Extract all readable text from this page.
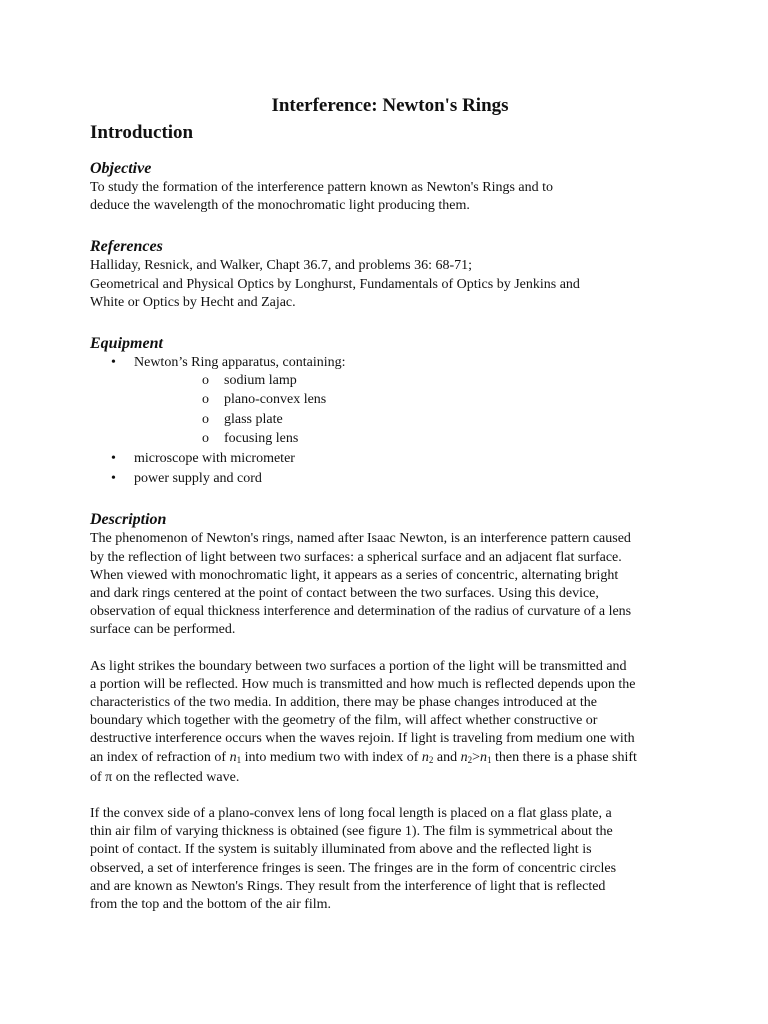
Interference: Newton's Rings
Introduction
Objective
To study the formation of the interference pattern known as Newton's Rings and to
deduce the wavelength of the monochromatic light producing them.
References
Halliday, Resnick, and Walker, Chapt 36.7, and problems 36: 68-71;
Geometrical and Physical Optics by Longhurst, Fundamentals of Optics by Jenkins and
White or Optics by Hecht and Zajac.
Equipment
• Newton’s Ring apparatus, containing:
o sodium lamp
o plano-convex lens
o glass plate
o focusing lens
• microscope with micrometer
• power supply and cord
Description
The phenomenon of Newton's rings, named after Isaac Newton, is an interference pattern caused
by the reflection of light between two surfaces: a spherical surface and an adjacent flat surface.
When viewed with monochromatic light, it appears as a series of concentric, alternating bright
and dark rings centered at the point of contact between the two surfaces. Using this device,
observation of equal thickness interference and determination of the radius of curvature of a lens
surface can be performed.
As light strikes the boundary between two surfaces a portion of the light will be transmitted and
a portion will be reflected. How much is transmitted and how much is reflected depends upon the
characteristics of the two media. In addition, there may be phase changes introduced at the
boundary which together with the geometry of the film, will affect whether constructive or
destructive interference occurs when the waves rejoin. If light is traveling from medium one with
an index of refraction of n1 into medium two with index of n2 and n2>n1 then there is a phase shift
of π on the reflected wave.
If the convex side of a plano-convex lens of long focal length is placed on a flat glass plate, a
thin air film of varying thickness is obtained (see figure 1). The film is symmetrical about the
point of contact. If the system is suitably illuminated from above and the reflected light is
observed, a set of interference fringes is seen. The fringes are in the form of concentric circles
and are known as Newton's Rings. They result from the interference of light that is reflected
from the top and the bottom of the air film.
